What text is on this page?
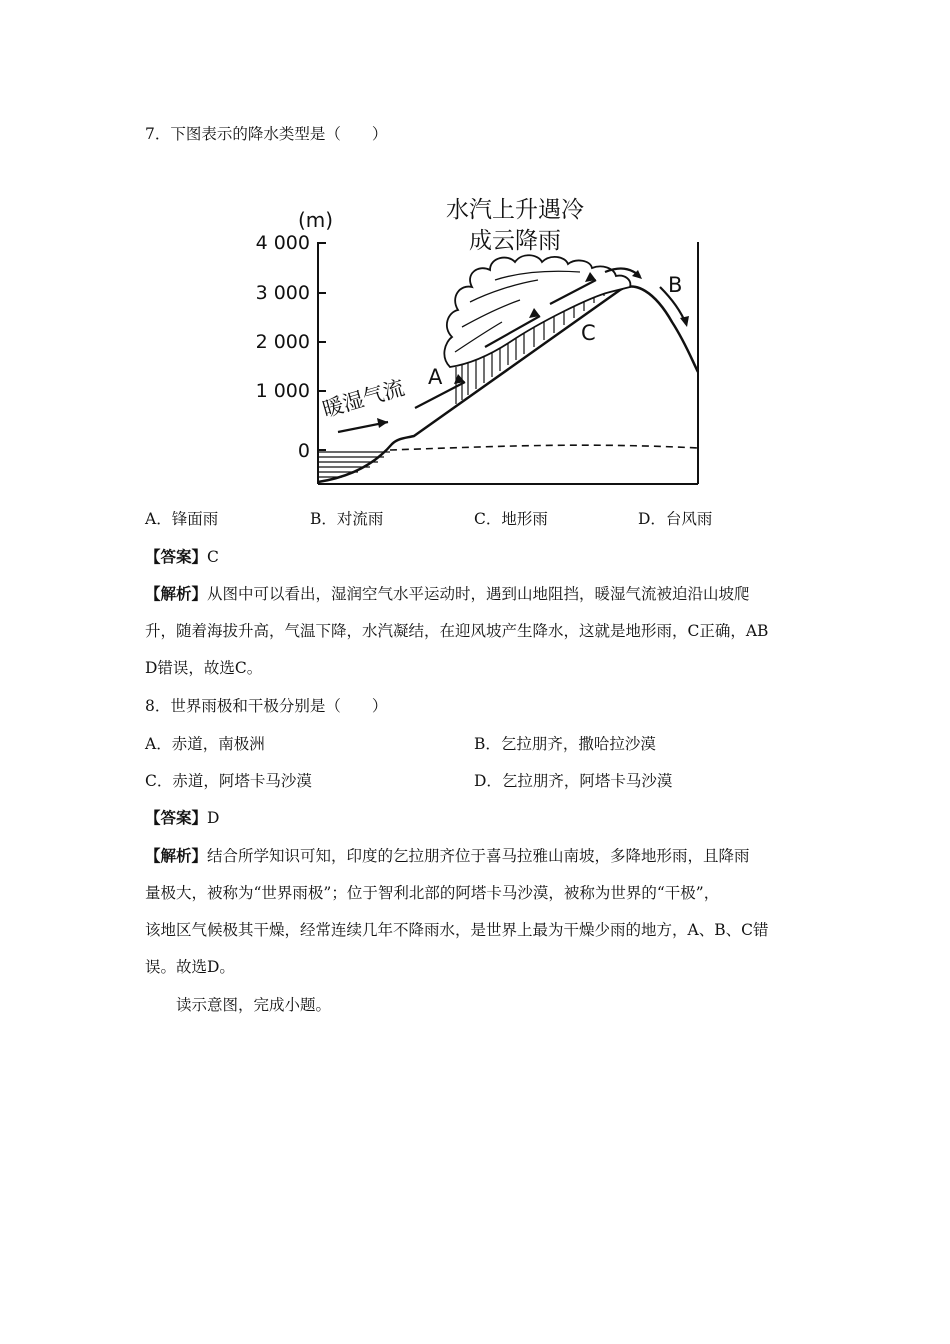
7．下图表示的降水类型是（　　）
水汽上升遇冷
成云降雨
(m)
4 000
3 000
2 000
1 000
0
暖湿气流 A
B
C
A．锋面雨	B．对流雨	C．地形雨	D．台风雨
【答案】C
【解析】从图中可以看出，湿润空气水平运动时，遇到山地阻挡，暖湿气流被迫沿山坡爬
升，随着海拔升高，气温下降，水汽凝结，在迎风坡产生降水，这就是地形雨，C正确，AB
D错误，故选C。
8．世界雨极和干极分别是（　　）
A．赤道，南极洲	B．乞拉朋齐，撒哈拉沙漠
C．赤道，阿塔卡马沙漠	D．乞拉朋齐，阿塔卡马沙漠
【答案】D
【解析】结合所学知识可知，印度的乞拉朋齐位于喜马拉雅山南坡，多降地形雨，且降雨
量极大，被称为“世界雨极”；位于智利北部的阿塔卡马沙漠，被称为世界的“干极”，
该地区气候极其干燥，经常连续几年不降雨水，是世界上最为干燥少雨的地方，A、B、C错
误。故选D。
读示意图，完成小题。
